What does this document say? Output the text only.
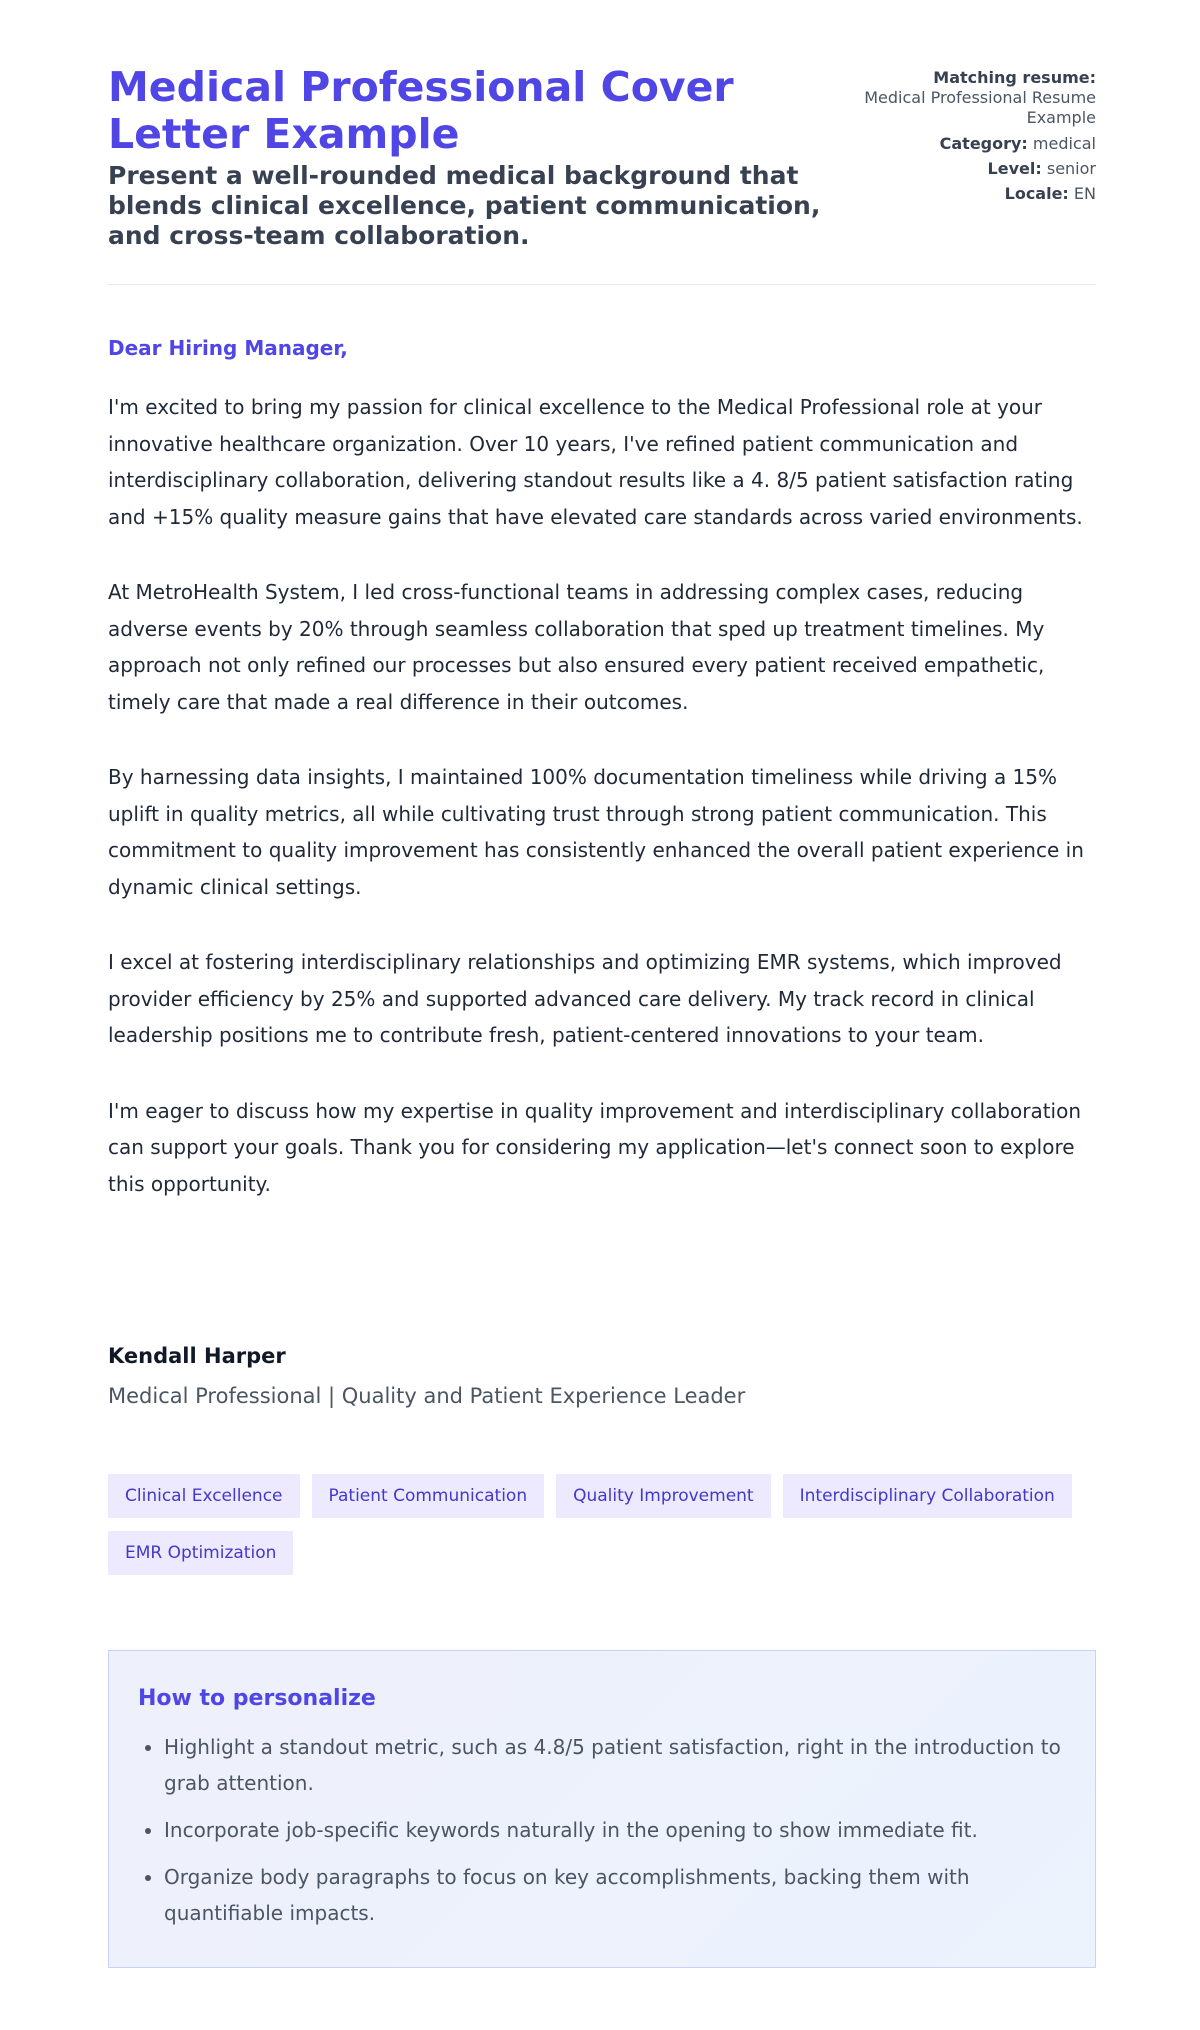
Medical Professional Cover Letter Example

Present a well-rounded medical background that blends clinical excellence, patient communication, and cross-team collaboration.

Matching resume:
Medical Professional Resume Example
Category: medical
Level: senior
Locale: EN
Dear Hiring Manager,

I'm excited to bring my passion for clinical excellence to the Medical Professional role at your innovative healthcare organization. Over 10 years, I've refined patient communication and interdisciplinary collaboration, delivering standout results like a 4. 8/5 patient satisfaction rating and +15% quality measure gains that have elevated care standards across varied environments.

At MetroHealth System, I led cross-functional teams in addressing complex cases, reducing adverse events by 20% through seamless collaboration that sped up treatment timelines. My approach not only refined our processes but also ensured every patient received empathetic, timely care that made a real difference in their outcomes.

By harnessing data insights, I maintained 100% documentation timeliness while driving a 15% uplift in quality metrics, all while cultivating trust through strong patient communication. This commitment to quality improvement has consistently enhanced the overall patient experience in dynamic clinical settings.

I excel at fostering interdisciplinary relationships and optimizing EMR systems, which improved provider efficiency by 25% and supported advanced care delivery. My track record in clinical leadership positions me to contribute fresh, patient-centered innovations to your team.

I'm eager to discuss how my expertise in quality improvement and interdisciplinary collaboration can support your goals. Thank you for considering my application—let's connect soon to explore this opportunity.

Kendall Harper
Medical Professional | Quality and Patient Experience Leader
Clinical Excellence	Patient Communication	Quality Improvement	Interdisciplinary Collaboration
EMR Optimization
How to personalize
• Highlight a standout metric, such as 4.8/5 patient satisfaction, right in the introduction to grab attention.
• Incorporate job-specific keywords naturally in the opening to show immediate fit.
• Organize body paragraphs to focus on key accomplishments, backing them with quantifiable impacts.
